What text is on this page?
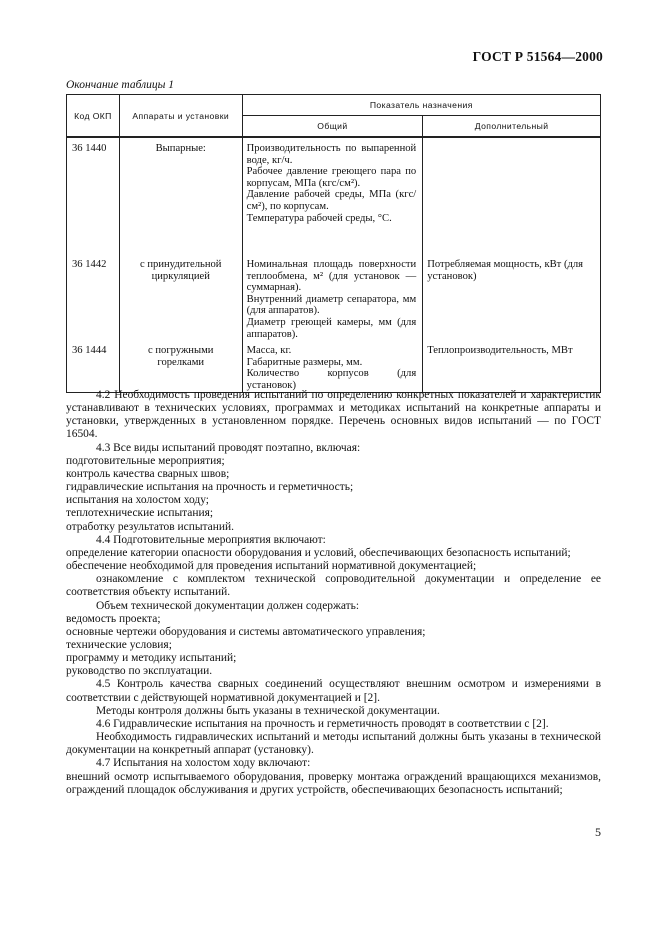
ГОСТ Р 51564—2000
Окончание таблицы 1
Код ОКП	Аппараты и установки	Показатель назначения	
		Общий	Дополнительный
36 1440	Выпарные:	Производительность по выпаренной воде, кг/ч.
Рабочее давление греющего пара по корпусам, МПа (кгс/см²).
Давление рабочей среды, МПа (кгс/см²), по корпусам.
Температура рабочей среды, °С.	

36 1442	с принудительной циркуляцией	Номинальная площадь поверхности теплообмена, м² (для установок — суммарная).
Внутренний диаметр сепаратора, мм (для аппаратов).
Диаметр греющей камеры, мм (для аппаратов).	Потребляемая мощность, кВт (для установок)
36 1444	с погружными горелками	Масса, кг.
Габаритные размеры, мм.
Количество корпусов (для установок)	Теплопроизводительность, МВт

4.2 Необходимость проведения испытаний по определению конкретных показателей и характеристик устанавливают в технических условиях, программах и методиках испытаний на конкретные аппараты и установки, утвержденных в установленном порядке. Перечень основных видов испытаний — по ГОСТ 16504.

4.3 Все виды испытаний проводят поэтапно, включая:

подготовительные мероприятия;

контроль качества сварных швов;

гидравлические испытания на прочность и герметичность;

испытания на холостом ходу;

теплотехнические испытания;

отработку результатов испытаний.

4.4 Подготовительные мероприятия включают:

определение категории опасности оборудования и условий, обеспечивающих безопасность испытаний;

обеспечение необходимой для проведения испытаний нормативной документацией;

ознакомление с комплектом технической сопроводительной документации и определение ее соответствия объекту испытаний.

Объем технической документации должен содержать:

ведомость проекта;

основные чертежи оборудования и системы автоматического управления;

технические условия;

программу и методику испытаний;

руководство по эксплуатации.

4.5 Контроль качества сварных соединений осуществляют внешним осмотром и измерениями в соответствии с действующей нормативной документацией и [2].

Методы контроля должны быть указаны в технической документации.

4.6 Гидравлические испытания на прочность и герметичность проводят в соответствии с [2].

Необходимость гидравлических испытаний и методы испытаний должны быть указаны в технической документации на конкретный аппарат (установку).

4.7 Испытания на холостом ходу включают:

внешний осмотр испытываемого оборудования, проверку монтажа ограждений вращающихся механизмов, ограждений площадок обслуживания и других устройств, обеспечивающих безопасность испытаний;

5
